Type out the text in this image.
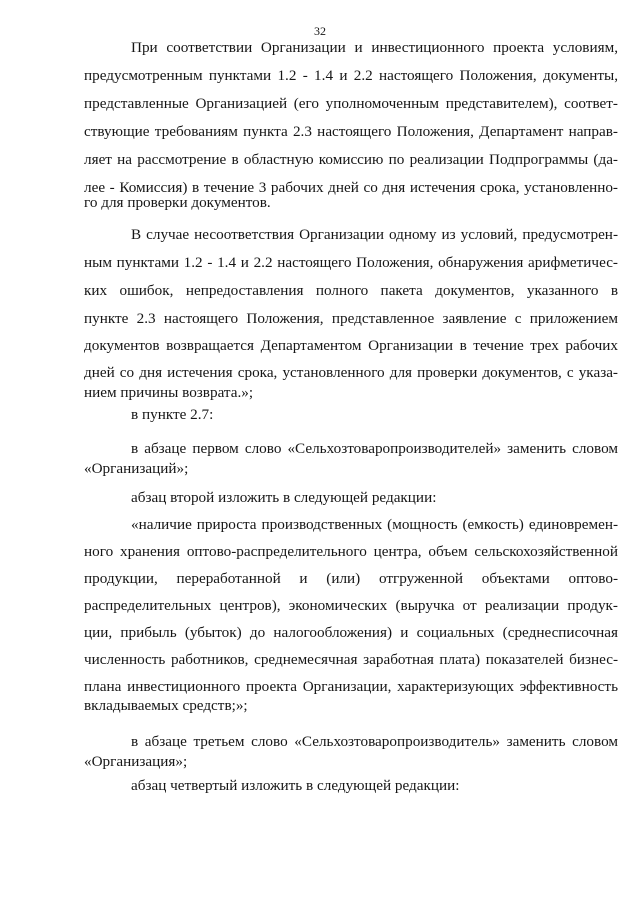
32
При соответствии Организации и инвестиционного проекта условиям,
предусмотренным пунктами 1.2 - 1.4 и 2.2 настоящего Положения, документы,
представленные Организацией (его уполномоченным представителем), соответ-
ствующие требованиям пункта 2.3 настоящего Положения, Департамент направ-
ляет на рассмотрение в областную комиссию по реализации Подпрограммы (да-
лее - Комиссия) в течение 3 рабочих дней со дня истечения срока, установленно-
го для проверки документов.
В случае несоответствия Организации одному из условий, предусмотрен-
ным пунктами 1.2 - 1.4 и 2.2 настоящего Положения, обнаружения арифметичес-
ких ошибок, непредоставления полного пакета документов, указанного в
пункте 2.3 настоящего Положения, представленное заявление с приложением
документов возвращается Департаментом Организации в течение трех рабочих
дней со дня истечения срока, установленного для проверки документов, с указа-
нием причины возврата.»;
в пункте 2.7:
в абзаце первом слово «Сельхозтоваропроизводителей» заменить словом
«Организаций»;
абзац второй изложить в следующей редакции:
«наличие прироста производственных (мощность (емкость) единовремен-
ного хранения оптово-распределительного центра, объем сельскохозяйственной
продукции, переработанной и (или) отгруженной объектами оптово-
распределительных центров), экономических (выручка от реализации продук-
ции, прибыль (убыток) до налогообложения) и социальных (среднесписочная
численность работников, среднемесячная заработная плата) показателей бизнес-
плана инвестиционного проекта Организации, характеризующих эффективность
вкладываемых средств;»;
в абзаце третьем слово «Сельхозтоваропроизводитель» заменить словом
«Организация»;
абзац четвертый изложить в следующей редакции:
